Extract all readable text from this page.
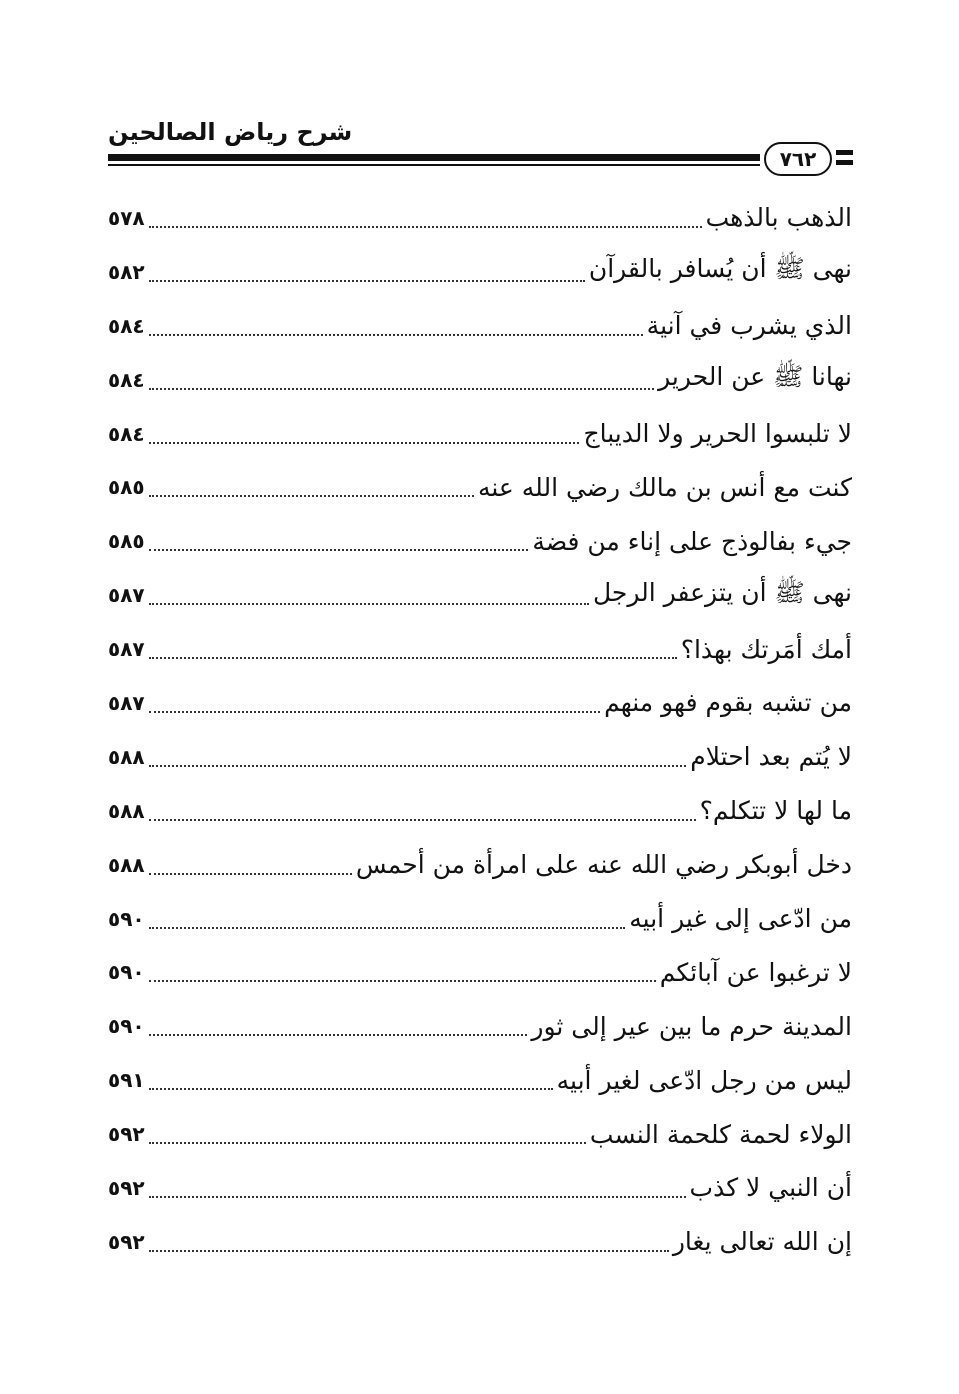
شرح رياض الصالحين
٧٦٢
الذهب بالذهب
٥٧٨
نهى ﷺ أن يُسافر بالقرآن
٥٨٢
الذي يشرب في آنية
٥٨٤
نهانا ﷺ عن الحرير
٥٨٤
لا تلبسوا الحرير ولا الديباج
٥٨٤
كنت مع أنس بن مالك رضي الله عنه
٥٨٥
جيء بفالوذج على إناء من فضة
٥٨٥
نهى ﷺ أن يتزعفر الرجل
٥٨٧
أمك أمَرتك بهذا؟
٥٨٧
من تشبه بقوم فهو منهم
٥٨٧
لا يُتم بعد احتلام
٥٨٨
ما لها لا تتكلم؟
٥٨٨
دخل أبوبكر رضي الله عنه على امرأة من أحمس
٥٨٨
من ادّعى إلى غير أبيه
٥٩٠
لا ترغبوا عن آبائكم
٥٩٠
المدينة حرم ما بين عير إلى ثور
٥٩٠
ليس من رجل ادّعى لغير أبيه
٥٩١
الولاء لحمة كلحمة النسب
٥٩٢
أن النبي لا كذب
٥٩٢
إن الله تعالى يغار
٥٩٢
